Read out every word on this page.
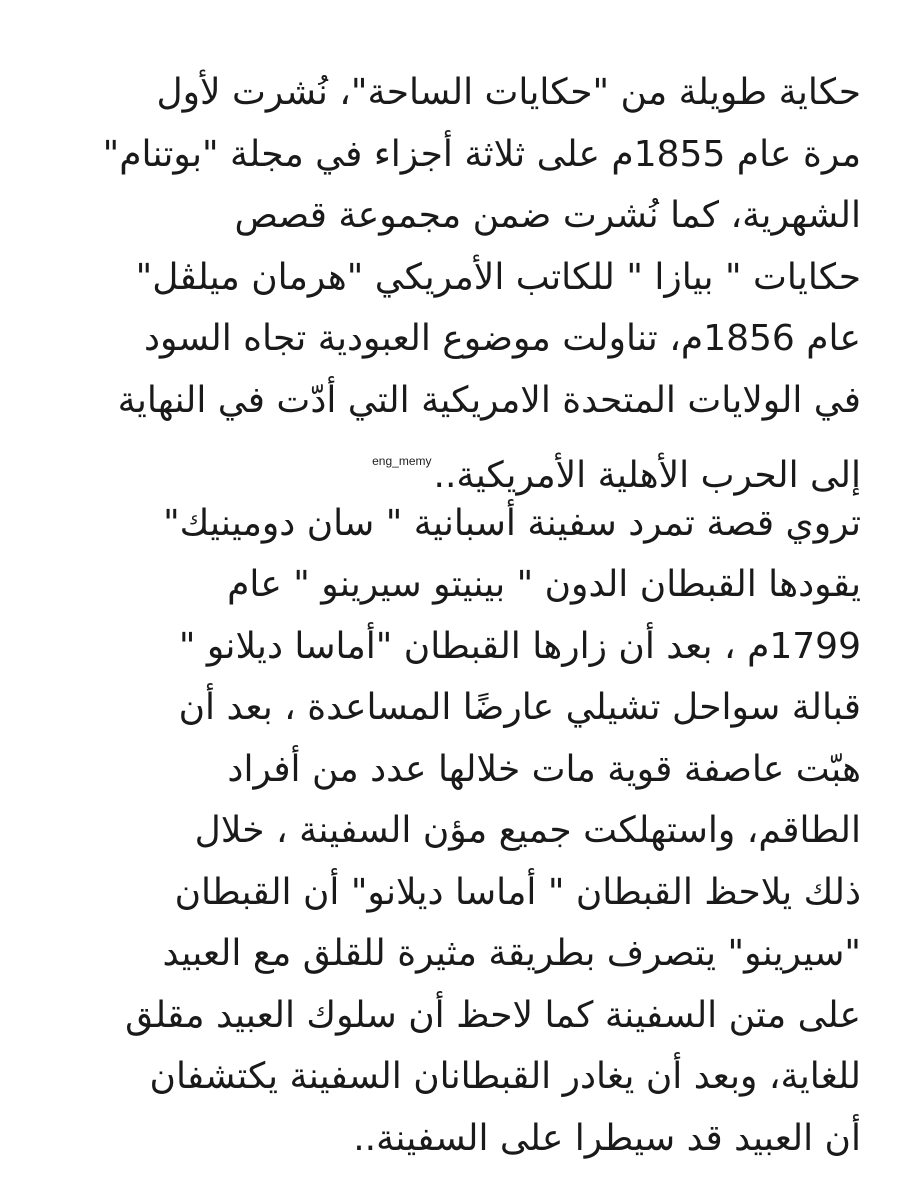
حكاية طويلة من "حكايات الساحة"، نُشرت لأول
مرة عام 1855م على ثلاثة أجزاء في مجلة "بوتنام"
الشهرية، كما نُشرت ضمن مجموعة قصص
حكايات " بيازا " للكاتب الأمريكي "هرمان ميلڤل"
عام 1856م، تناولت موضوع العبودية تجاه السود
في الولايات المتحدة الامريكية التي أدّت في النهاية
إلى الحرب الأهلية الأمريكية..$^{eng\_memy}$
تروي قصة تمرد سفينة أسبانية " سان دومينيك"
يقودها القبطان الدون " بينيتو سيرينو " عام
1799م ، بعد أن زارها القبطان "أماسا ديلانو "
قبالة سواحل تشيلي عارضًا المساعدة ، بعد أن
هبّت عاصفة قوية مات خلالها عدد من أفراد
الطاقم، واستهلكت جميع مؤن السفينة ، خلال
ذلك يلاحظ القبطان " أماسا ديلانو" أن القبطان
"سيرينو" يتصرف بطريقة مثيرة للقلق مع العبيد
على متن السفينة كما لاحظ أن سلوك العبيد مقلق
للغاية، وبعد أن يغادر القبطانان السفينة يكتشفان
أن العبيد قد سيطرا على السفينة..
